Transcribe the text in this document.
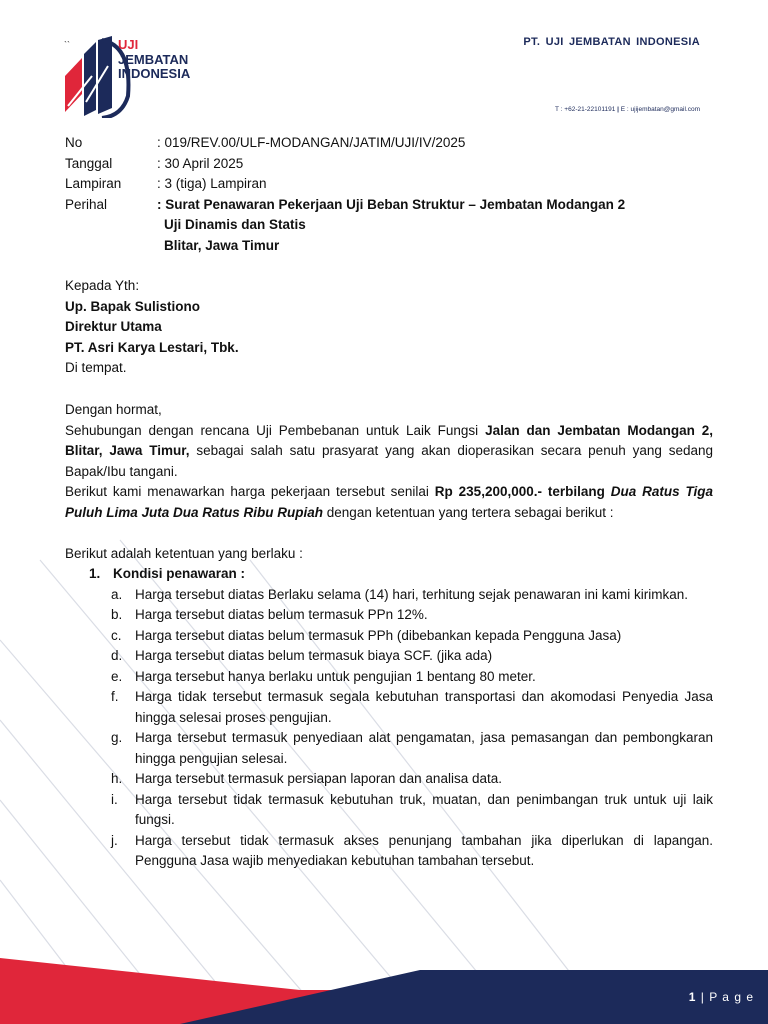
UJI
JEMBATAN
INDONESIA
``	PT. UJI JEMBATAN INDONESIA
T : +62-21-22101191 | E : ujijembatan@gmail.com
No	: 019/REV.00/ULF-MODANGAN/JATIM/UJI/IV/2025
Tanggal	: 30 April 2025
Lampiran	: 3 (tiga) Lampiran
Perihal	: Surat Penawaran Pekerjaan Uji Beban Struktur – Jembatan Modangan 2
Uji Dinamis dan Statis
Blitar, Jawa Timur
Kepada Yth:
Up. Bapak Sulistiono
Direktur Utama
PT. Asri Karya Lestari, Tbk.
Di tempat.

Dengan hormat,

Sehubungan dengan rencana Uji Pembebanan untuk Laik Fungsi Jalan dan Jembatan Modangan 2, Blitar, Jawa Timur, sebagai salah satu prasyarat yang akan dioperasikan secara penuh yang sedang Bapak/Ibu tangani.

Berikut kami menawarkan harga pekerjaan tersebut senilai Rp 235,200,000.- terbilang Dua Ratus Tiga Puluh Lima Juta Dua Ratus Ribu Rupiah dengan ketentuan yang tertera sebagai berikut :

Berikut adalah ketentuan yang berlaku :

1. Kondisi penawaran :
a. Harga tersebut diatas Berlaku selama (14) hari, terhitung sejak penawaran ini kami kirimkan.
b. Harga tersebut diatas belum termasuk PPn 12%.
c. Harga tersebut diatas belum termasuk PPh (dibebankan kepada Pengguna Jasa)
d. Harga tersebut diatas belum termasuk biaya SCF. (jika ada)
e. Harga tersebut hanya berlaku untuk pengujian 1 bentang 80 meter.
f.	Harga tidak tersebut termasuk segala kebutuhan transportasi dan akomodasi Penyedia Jasa hingga selesai proses pengujian.
g. Harga tersebut termasuk penyediaan alat pengamatan, jasa pemasangan dan pembongkaran hingga pengujian selesai.
h. Harga tersebut termasuk persiapan laporan dan analisa data.
i.	Harga tersebut tidak termasuk kebutuhan truk, muatan, dan penimbangan truk untuk uji laik fungsi.
j.	Harga tersebut tidak termasuk akses penunjang tambahan jika diperlukan di lapangan. Pengguna Jasa wajib menyediakan kebutuhan tambahan tersebut.
1 | P a g e
